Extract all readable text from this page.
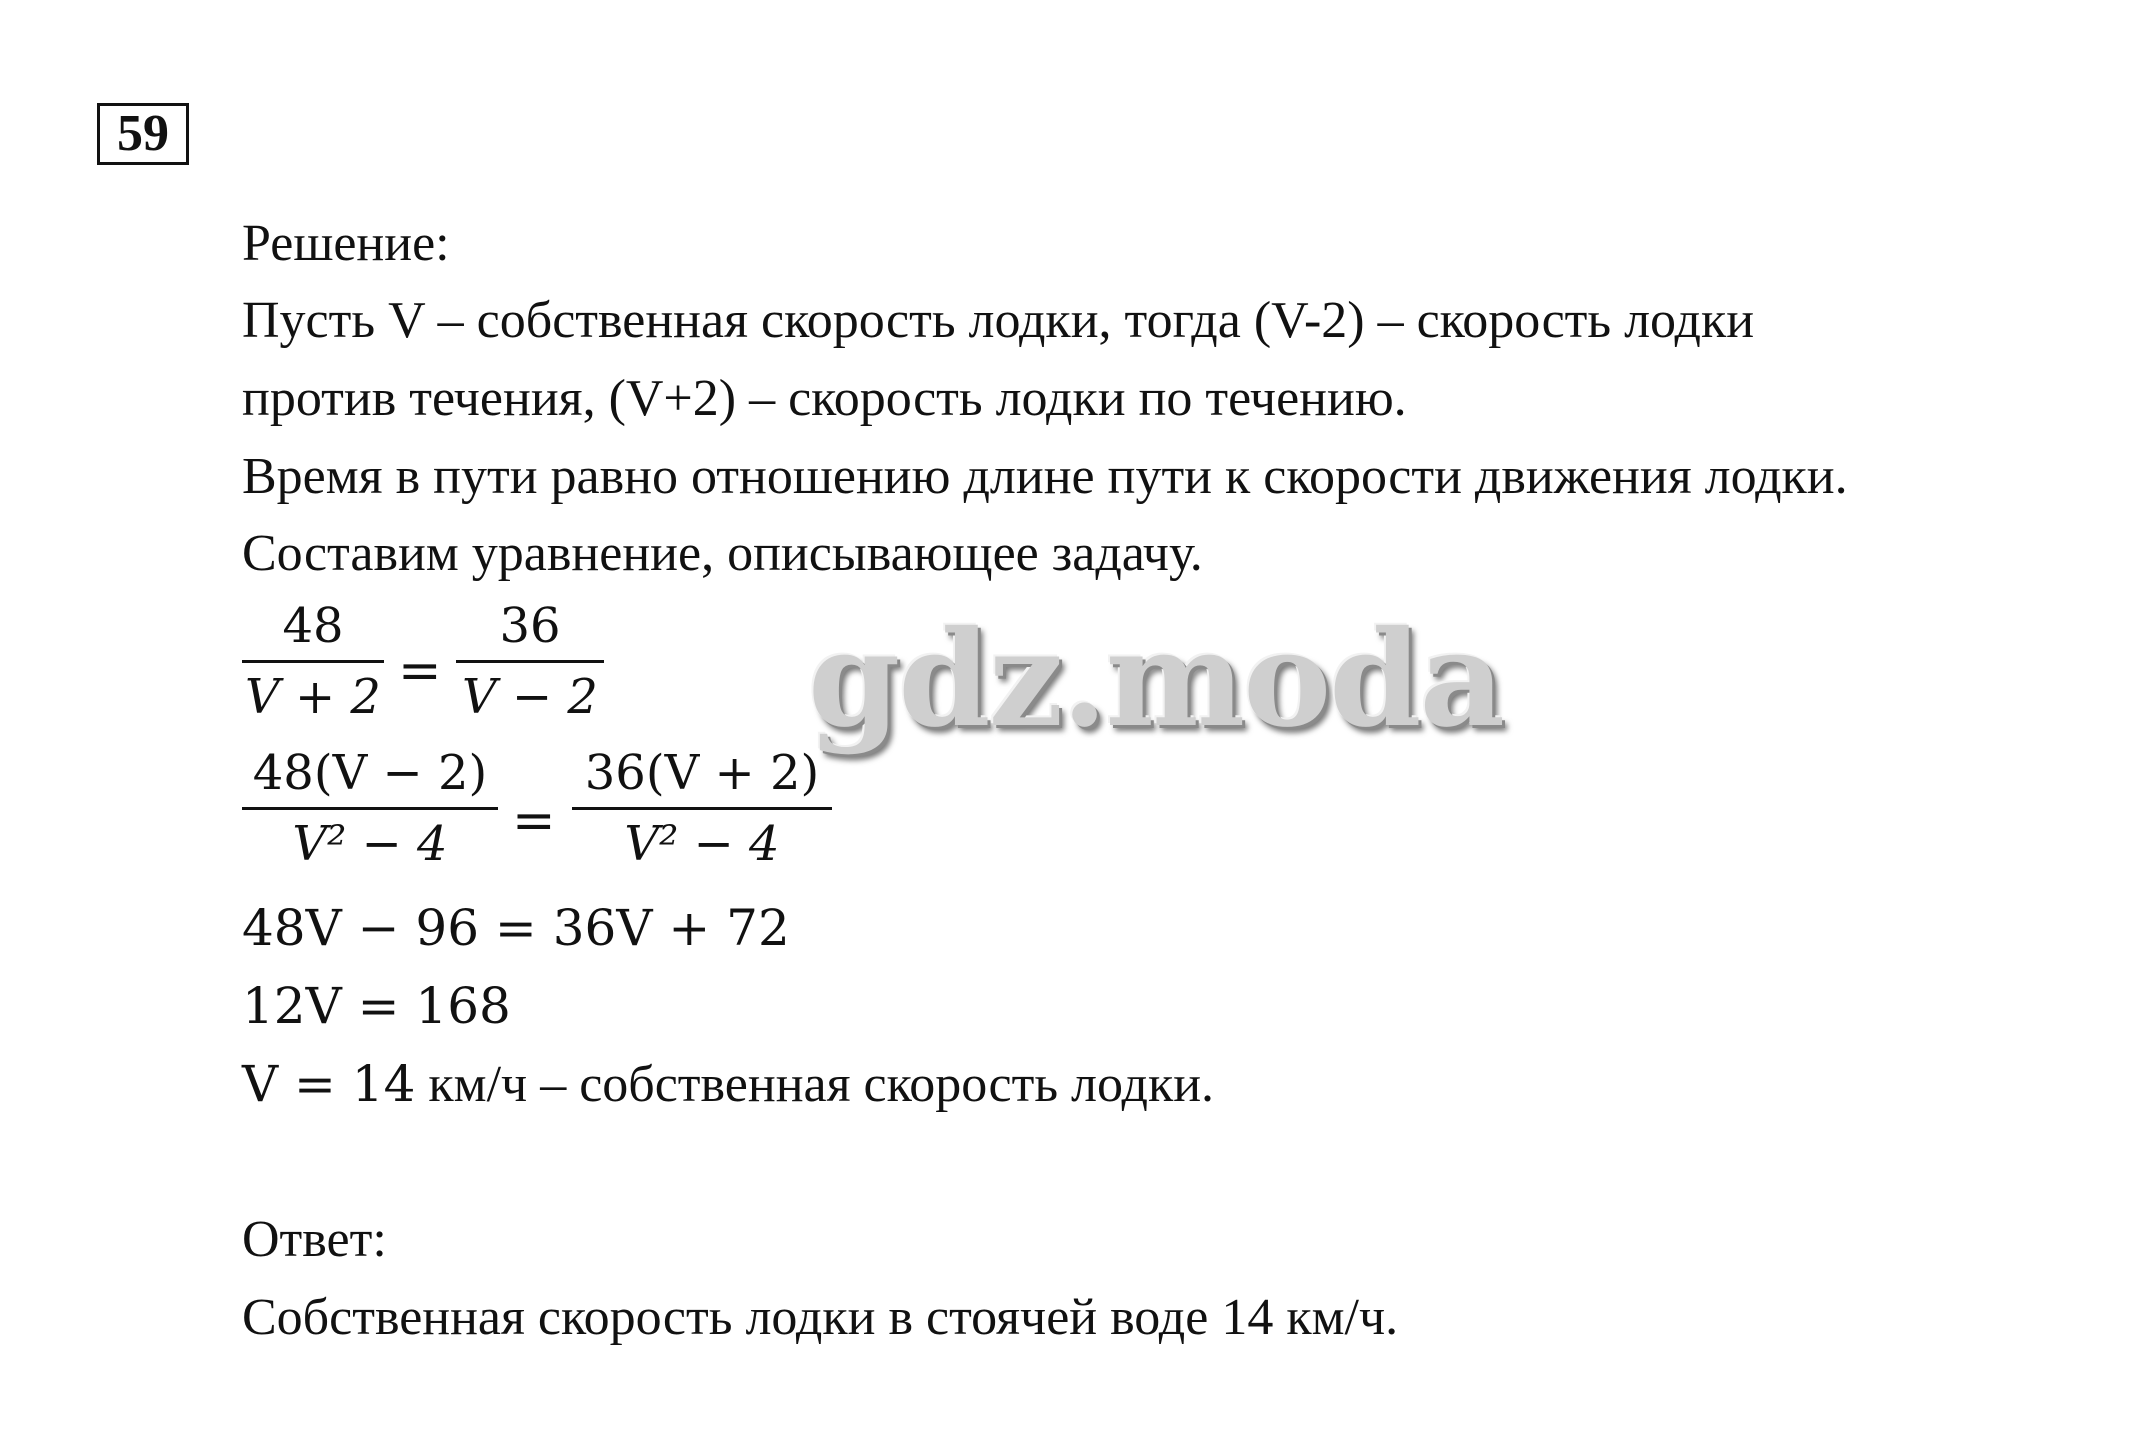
59
Решение:
Пусть V – собственная скорость лодки, тогда (V-2) – скорость лодки
против течения, (V+2) – скорость лодки по течению.
Время в пути равно отношению длине пути к скорости движения лодки.
Составим уравнение, описывающее задачу.
48
V + 2 =
36
V − 2
48(V − 2)
V² − 4	=
36(V + 2)
V² − 4
48V − 96 = 36V + 72
12V = 168
V = 14 км/ч – собственная скорость лодки.
Ответ:
Собственная скорость лодки в стоячей воде 14 км/ч.
gdz.moda
